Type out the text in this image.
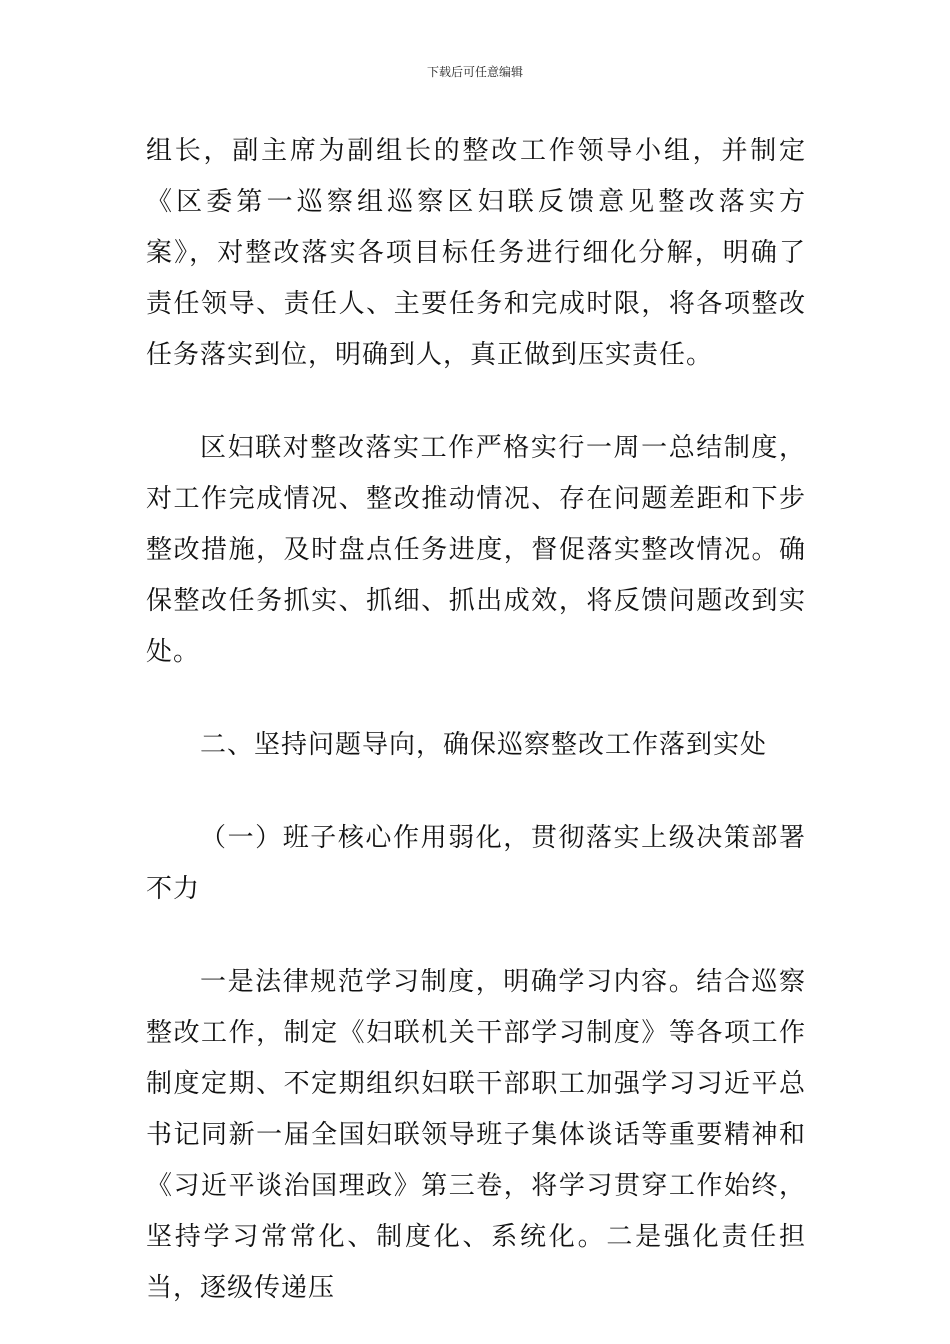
下载后可任意编辑

组长，副主席为副组长的整改工作领导小组，并制定《区委第一巡察组巡察区妇联反馈意见整改落实方案》，对整改落实各项目标任务进行细化分解，明确了责任领导、责任人、主要任务和完成时限，将各项整改任务落实到位，明确到人，真正做到压实责任。

区妇联对整改落实工作严格实行一周一总结制度，对工作完成情况、整改推动情况、存在问题差距和下步整改措施，及时盘点任务进度，督促落实整改情况。确保整改任务抓实、抓细、抓出成效，将反馈问题改到实处。

二、坚持问题导向，确保巡察整改工作落到实处

（一）班子核心作用弱化，贯彻落实上级决策部署不力

一是法律规范学习制度，明确学习内容。结合巡察整改工作，制定《妇联机关干部学习制度》等各项工作制度定期、不定期组织妇联干部职工加强学习习近平总书记同新一届全国妇联领导班子集体谈话等重要精神和《习近平谈治国理政》第三卷，将学习贯穿工作始终，坚持学习常常化、制度化、系统化。二是强化责任担当，逐级传递压
